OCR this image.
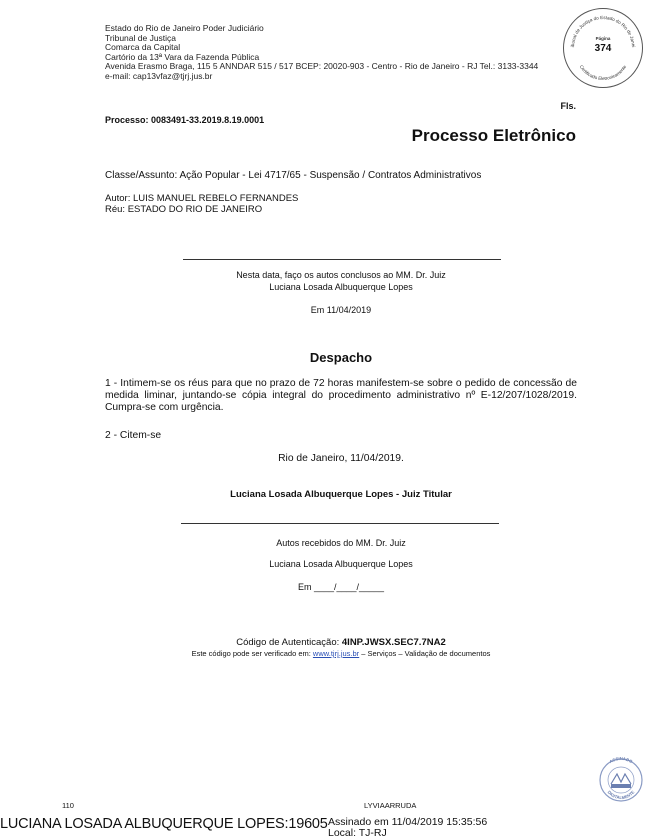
Estado do Rio de Janeiro Poder Judiciário
Tribunal de Justiça
Comarca da Capital
Cartório da 13ª Vara da Fazenda Pública
Avenida Erasmo Braga, 115 5 ANNDAR 515 / 517 BCEP: 20020-903 - Centro - Rio de Janeiro - RJ Tel.: 3133-3344
e-mail: cap13vfaz@tjrj.jus.br
ibunal de Justiça do Estado do Rio de Janei
Certificado Eletronicamente
Página
374
Fls.
Processo: 0083491-33.2019.8.19.0001
Processo Eletrônico
Classe/Assunto: Ação Popular - Lei 4717/65 - Suspensão / Contratos Administrativos
Autor: LUIS MANUEL REBELO FERNANDES
Réu: ESTADO DO RIO DE JANEIRO
Nesta data, faço os autos conclusos ao MM. Dr. Juiz
Luciana Losada Albuquerque Lopes
Em 11/04/2019
Despacho
1 - Intimem-se os réus para que no prazo de 72 horas manifestem-se sobre o pedido de concessão de medida liminar, juntando-se cópia integral do procedimento administrativo nº E-12/207/1028/2019. Cumpra-se com urgência.
2 - Citem-se
Rio de Janeiro, 11/04/2019.
Luciana Losada Albuquerque Lopes - Juiz Titular
Autos recebidos do MM. Dr. Juiz
Luciana Losada Albuquerque Lopes
Em ____/____/_____
Código de Autenticação: 4INP.JWSX.SEC7.7NA2
Este código pode ser verificado em: www.tjrj.jus.br – Serviços – Validação de documentos
110	LYVIAARRUDA
LUCIANA LOSADA ALBUQUERQUE LOPES:19605 Assinado em 11/04/2019 15:35:56
Local: TJ-RJ
ASSINADO
DIGITALMENTE
